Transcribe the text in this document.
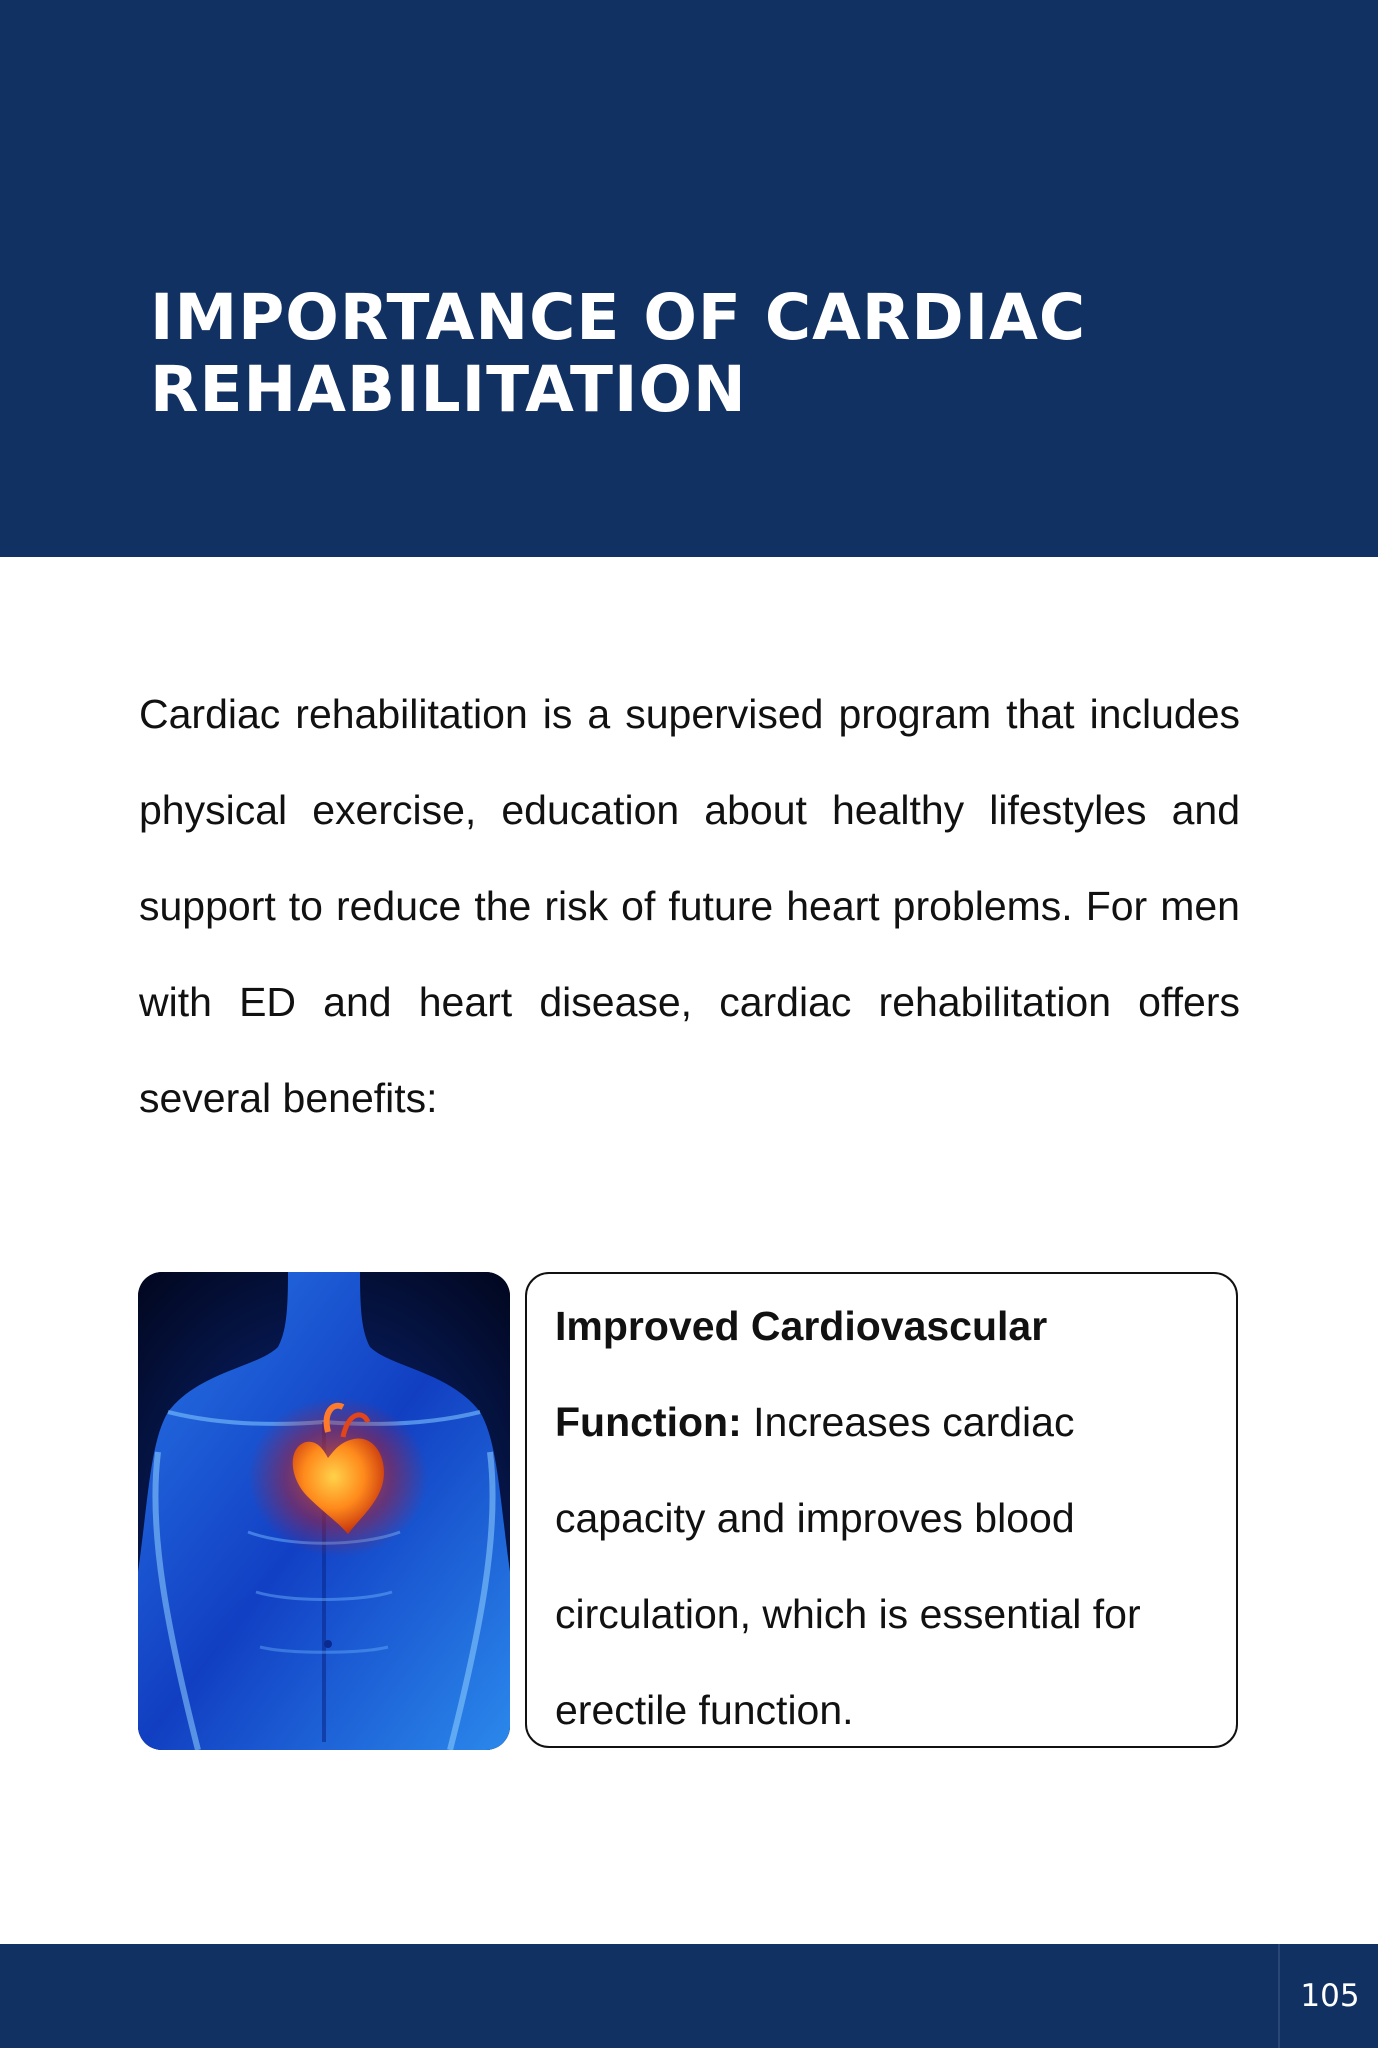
IMPORTANCE OF CARDIAC REHABILITATION

Cardiac rehabilitation is a supervised program that includes physical exercise, education about healthy lifestyles and support to reduce the risk of future heart problems. For men with ED and heart disease, cardiac rehabilitation offers several benefits:

Improved Cardiovascular Function: Increases cardiac capacity and improves blood circulation, which is essential for erectile function.

105
